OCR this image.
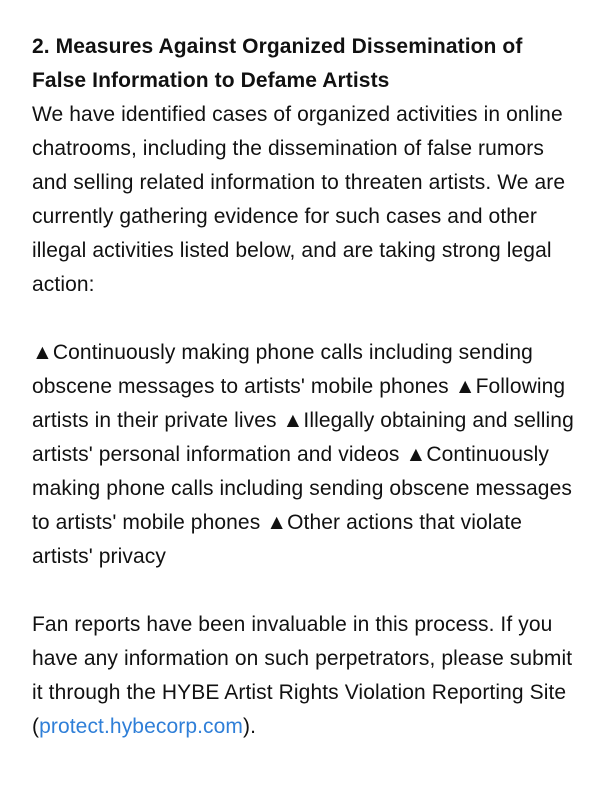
2. Measures Against Organized Dissemination of False Information to Defame Artists

We have identified cases of organized activities in online chatrooms, including the dissemination of false rumors and selling related information to threaten artists. We are currently gathering evidence for such cases and other illegal activities listed below, and are taking strong legal action:

▲Continuously making phone calls including sending obscene messages to artists' mobile phones ▲Following artists in their private lives ▲Illegally obtaining and selling artists' personal information and videos ▲Continuously making phone calls including sending obscene messages to artists' mobile phones ▲Other actions that violate artists' privacy

Fan reports have been invaluable in this process. If you have any information on such perpetrators, please submit it through the HYBE Artist Rights Violation Reporting Site (protect.hybecorp.com).
